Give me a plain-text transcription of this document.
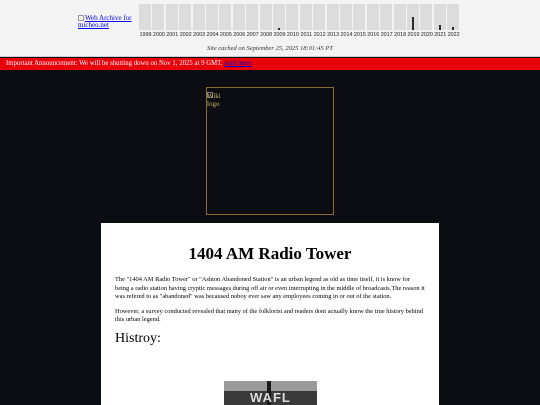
Web Archive for micheo.net
1999 2000 2001 2002 2003 2004 2005 2006 2007 2008 2009 2010 2011 2012 2013 2014 2015 2016 2017 2018 2019 2020 2021 2022
Site cached on September 25, 2025 18:01:45 PT
Important Announcement: We will be shutting down on Nov 1, 2025 at 9 GMT. read more
Wiki logo
1404 AM Radio Tower

The "1404 AM Radio Tower" or "Ashton Abandoned Station" is an urban legend as old as time itself, it is know for being a radio station having cryptic messages during off air or even interrupting in the middle of broadcasts.The reason it was refered to as "abandoned" was becaused noboy ever saw any employees coming in or out of the station.

However, a survey conducted revealed that many of the folklorist and readers dont actually know the true history behind this urban legend.

Histroy:
WAFL
